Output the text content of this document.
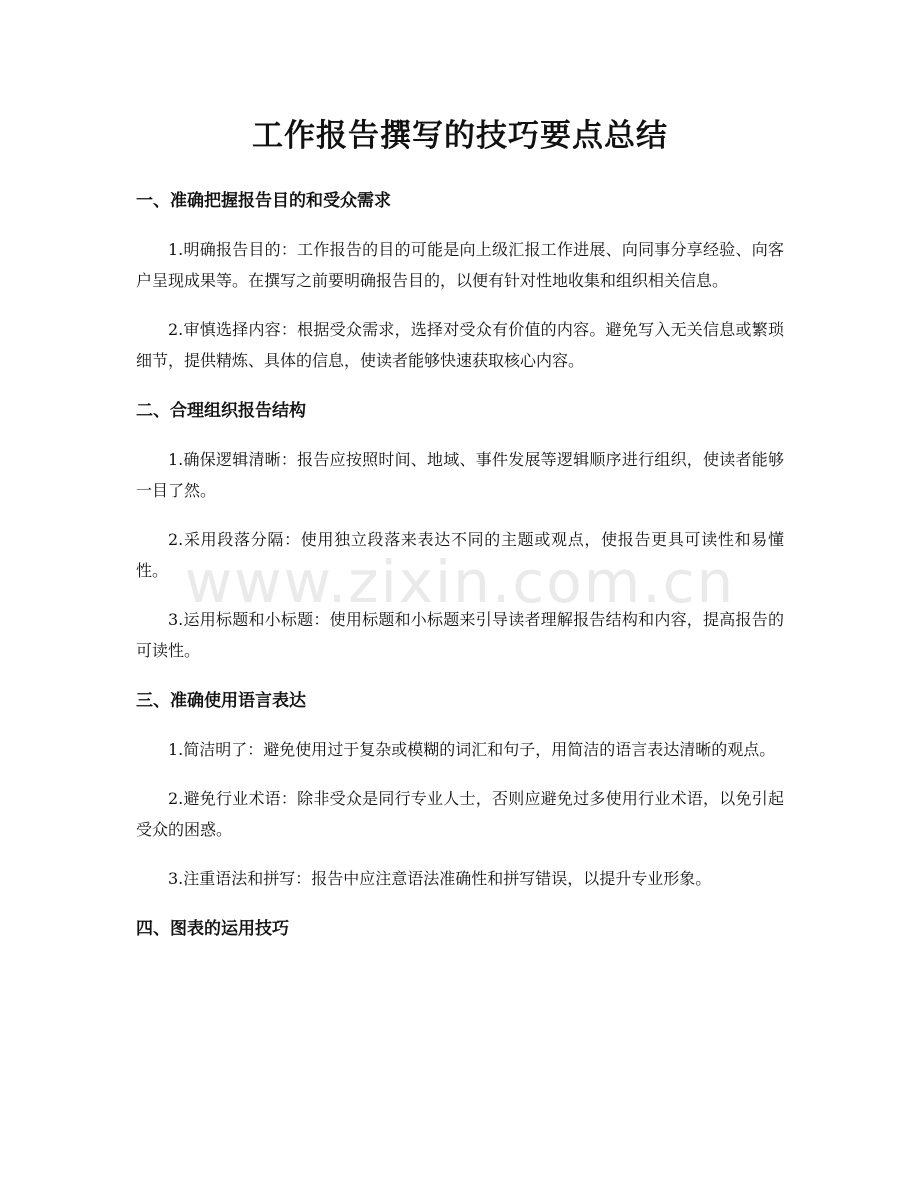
工作报告撰写的技巧要点总结
一、准确把握报告目的和受众需求

1.明确报告目的：工作报告的目的可能是向上级汇报工作进展、向同事分享经验、向客户呈现成果等。在撰写之前要明确报告目的，以便有针对性地收集和组织相关信息。

2.审慎选择内容：根据受众需求，选择对受众有价值的内容。避免写入无关信息或繁琐细节，提供精炼、具体的信息，使读者能够快速获取核心内容。

二、合理组织报告结构

1.确保逻辑清晰：报告应按照时间、地域、事件发展等逻辑顺序进行组织，使读者能够一目了然。

2.采用段落分隔：使用独立段落来表达不同的主题或观点，使报告更具可读性和易懂性。

3.运用标题和小标题：使用标题和小标题来引导读者理解报告结构和内容，提高报告的可读性。

三、准确使用语言表达

1.简洁明了：避免使用过于复杂或模糊的词汇和句子，用简洁的语言表达清晰的观点。

2.避免行业术语：除非受众是同行专业人士，否则应避免过多使用行业术语，以免引起受众的困惑。

3.注重语法和拼写：报告中应注意语法准确性和拼写错误，以提升专业形象。

四、图表的运用技巧
www.zixin.com.cn
